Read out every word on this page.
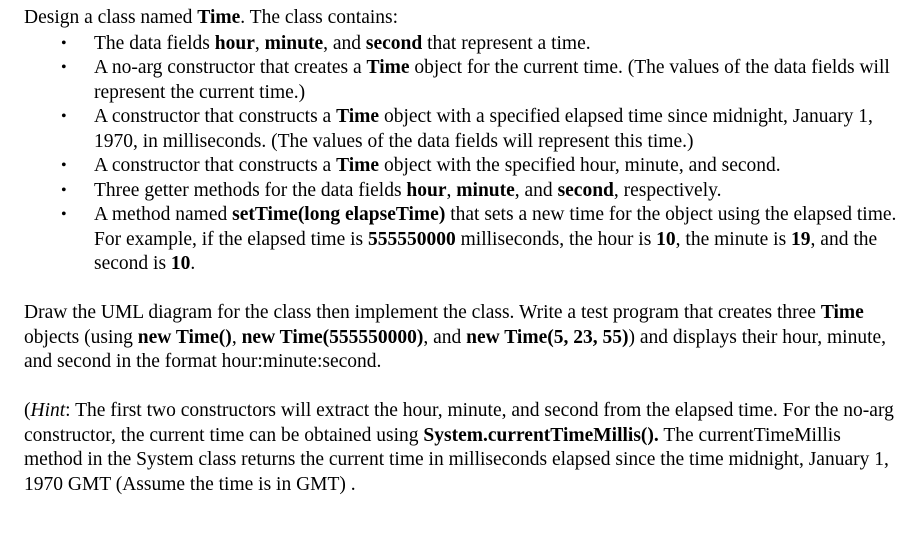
Design a class named Time. The class contains:

• The data fields hour, minute, and second that represent a time.
• A no-arg constructor that creates a Time object for the current time. (The values of the data fields will represent the current time.)
• A constructor that constructs a Time object with a specified elapsed time since midnight, January 1, 1970, in milliseconds. (The values of the data fields will represent this time.)
• A constructor that constructs a Time object with the specified hour, minute, and second.
• Three getter methods for the data fields hour, minute, and second, respectively.
• A method named setTime(long elapseTime) that sets a new time for the object using the elapsed time. For example, if the elapsed time is 555550000 milliseconds, the hour is 10, the minute is 19, and the second is 10.

Draw the UML diagram for the class then implement the class. Write a test program that creates three Time objects (using new Time(), new Time(555550000), and new Time(5, 23, 55)) and displays their hour, minute, and second in the format hour:minute:second.

(Hint: The first two constructors will extract the hour, minute, and second from the elapsed time. For the no-arg constructor, the current time can be obtained using System.currentTimeMillis(). The currentTimeMillis method in the System class returns the current time in milliseconds elapsed since the time midnight, January 1, 1970 GMT (Assume the time is in GMT) .
